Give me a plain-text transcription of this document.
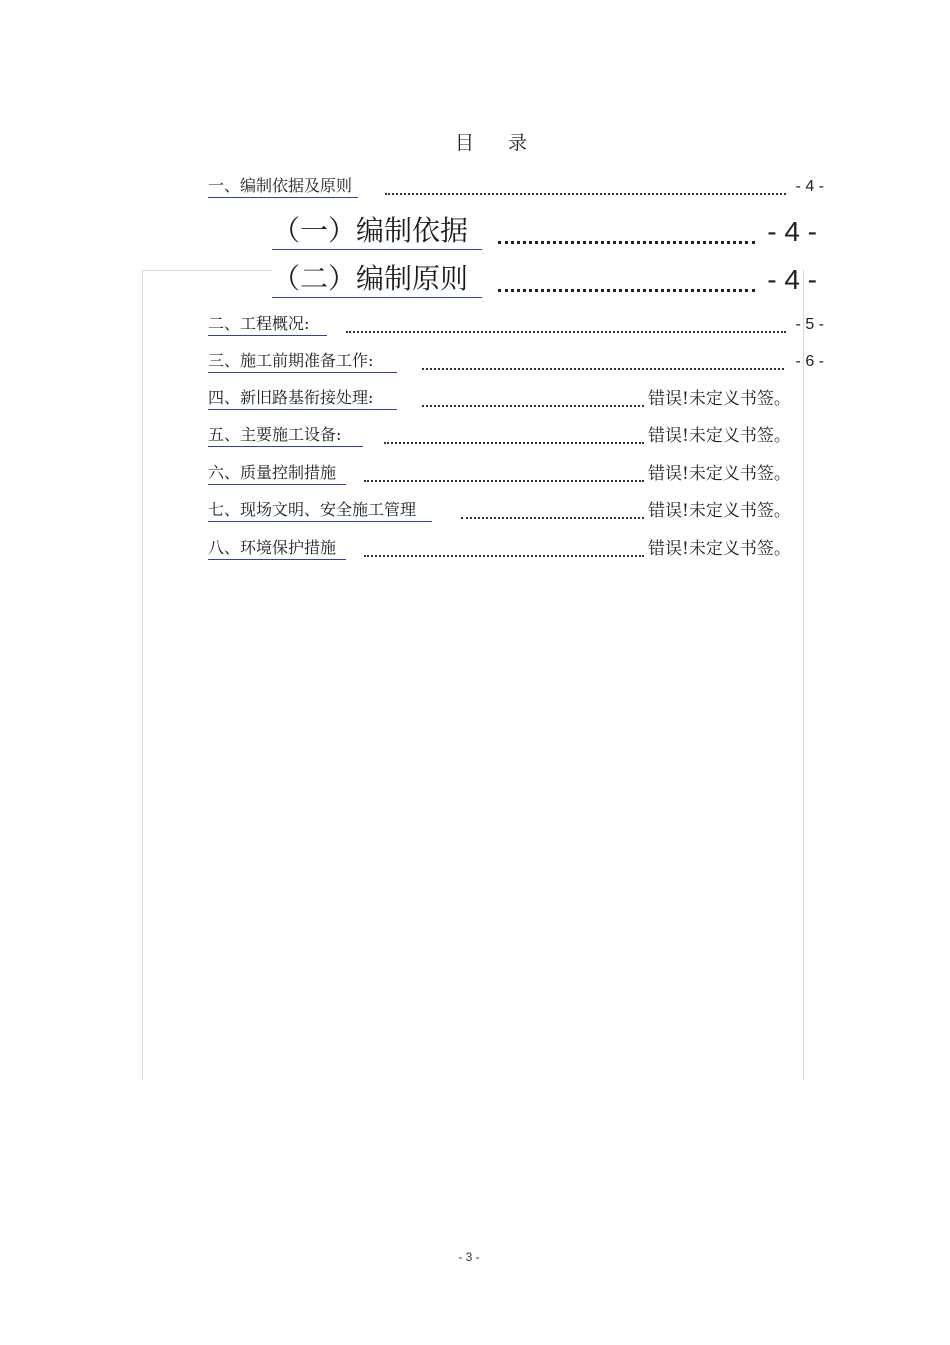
目 录
一、编制依据及原则	- 4 -
（一）编制依据	- 4 -
（二）编制原则	- 4 -
二、工程概况:	- 5 -
三、施工前期准备工作:	- 6 -
四、新旧路基衔接处理:	错误!未定义书签。
五、主要施工设备:	错误!未定义书签。
六、质量控制措施	错误!未定义书签。
七、现场文明、安全施工管理	错误!未定义书签。
八、环境保护措施	错误!未定义书签。
- 3 -
